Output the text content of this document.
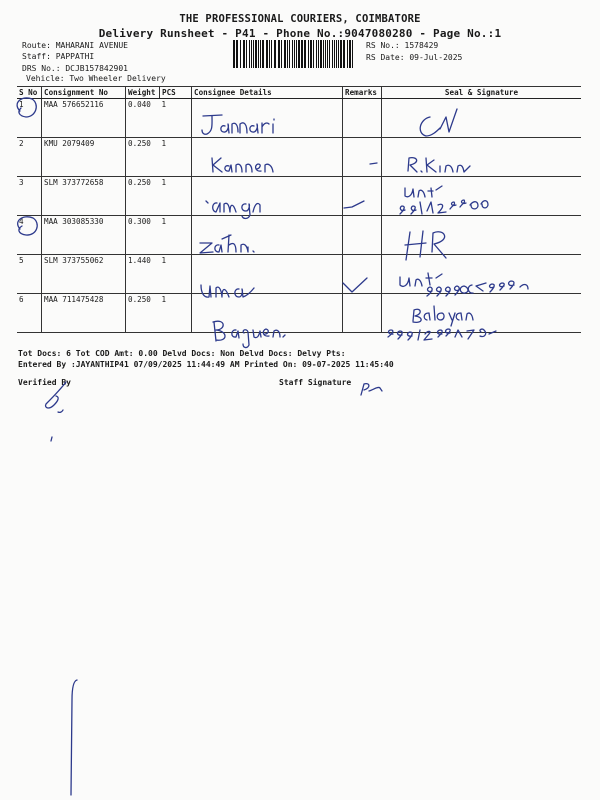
THE PROFESSIONAL COURIERS, COIMBATORE
Delivery Runsheet - P41 - Phone No.:9047080280 - Page No.:1
Route: MAHARANI AVENUE
Staff: PAPPATHI
DRS No.: DCJB157842901
Vehicle: Two Wheeler Delivery
RS No.: 1578429
RS Date: 09-Jul-2025
S No	Consignment No	Weight	PCS	Consignee Details	Remarks	Seal & Signature
1	MAA 576652116	0.040	1			
2	KMU 2079409	0.250	1			
3	SLM 373772658	0.250	1			
4	MAA 303085330	0.300	1			
5	SLM 373755062	1.440	1			
6	MAA 711475428	0.250	1			
Tot Docs: 6 Tot COD Amt: 0.00 Delvd Docs: Non Delvd Docs: Delvy Pts:
Entered By :JAYANTHIP41 07/09/2025 11:44:49 AM Printed On: 09-07-2025 11:45:40
Verified By	Staff Signature
